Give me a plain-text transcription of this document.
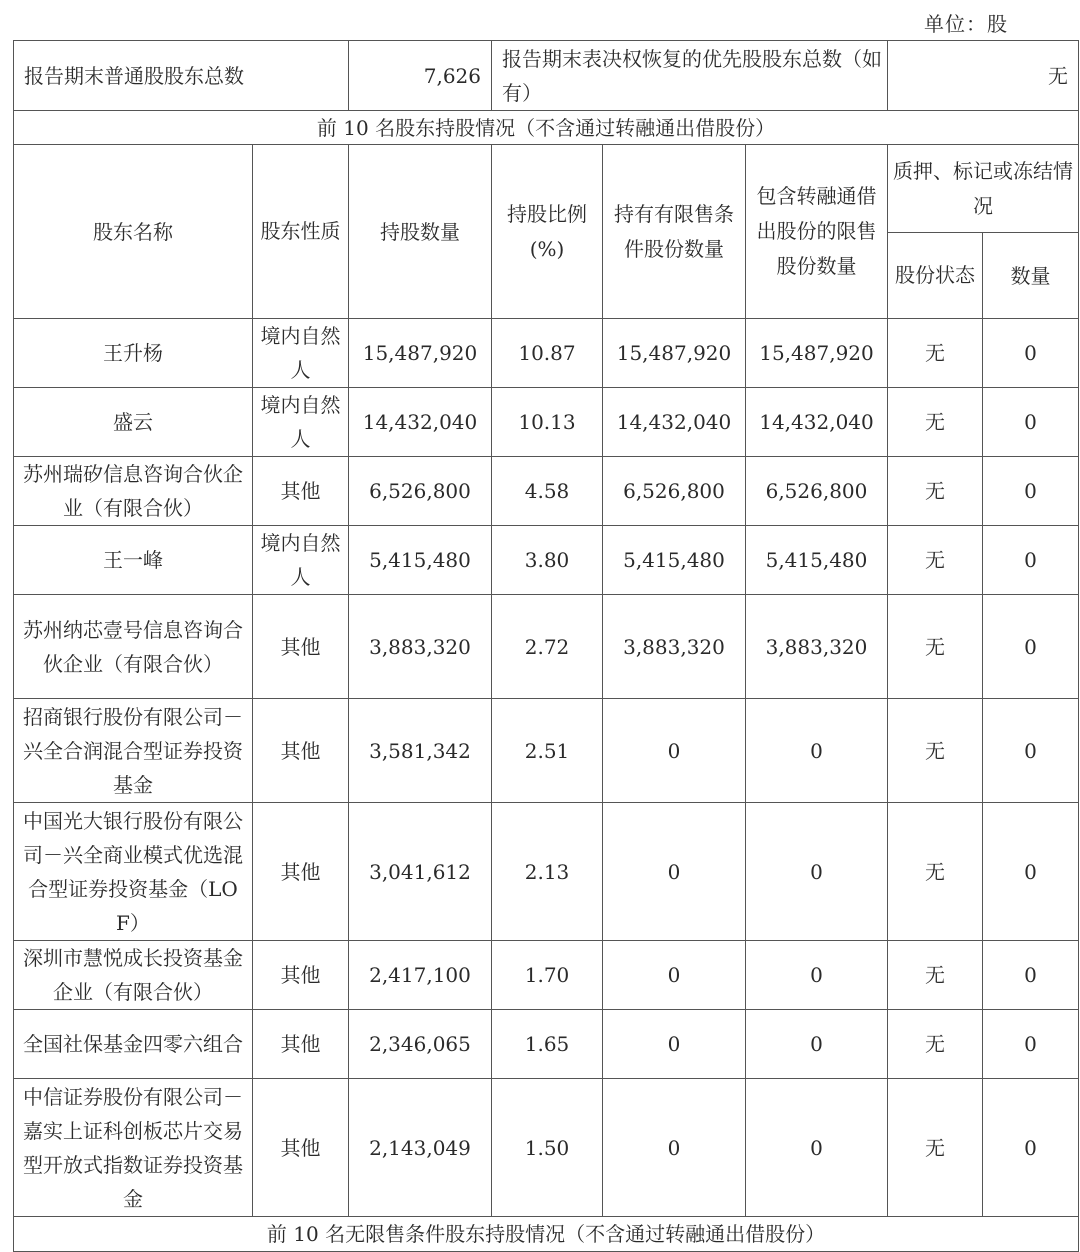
单位：股
报告期末普通股股东总数		7,626	报告期末表决权恢复的优先股股东总数（如有）			无	
前 10 名股东持股情况（不含通过转融通出借股份）							
股东名称	股东性质	持股数量	持股比例(%)	持有有限售条件股份数量	包含转融通借出股份的限售股份数量	质押、标记或冻结情况	
						股份状态	数量
王升杨	境内自然人	15,487,920	10.87	15,487,920	15,487,920	无	0
盛云	境内自然人	14,432,040	10.13	14,432,040	14,432,040	无	0
苏州瑞矽信息咨询合伙企业（有限合伙）	其他	6,526,800	4.58	6,526,800	6,526,800	无	0
王一峰	境内自然人	5,415,480	3.80	5,415,480	5,415,480	无	0
苏州纳芯壹号信息咨询合伙企业（有限合伙）	其他	3,883,320	2.72	3,883,320	3,883,320	无	0
招商银行股份有限公司－兴全合润混合型证券投资基金	其他	3,581,342	2.51	0	0	无	0
中国光大银行股份有限公司－兴全商业模式优选混合型证券投资基金（LOF）	其他	3,041,612	2.13	0	0	无	0
深圳市慧悦成长投资基金企业（有限合伙）	其他	2,417,100	1.70	0	0	无	0
全国社保基金四零六组合	其他	2,346,065	1.65	0	0	无	0
中信证券股份有限公司－嘉实上证科创板芯片交易型开放式指数证券投资基金	其他	2,143,049	1.50	0	0	无	0
前 10 名无限售条件股东持股情况（不含通过转融通出借股份）							
